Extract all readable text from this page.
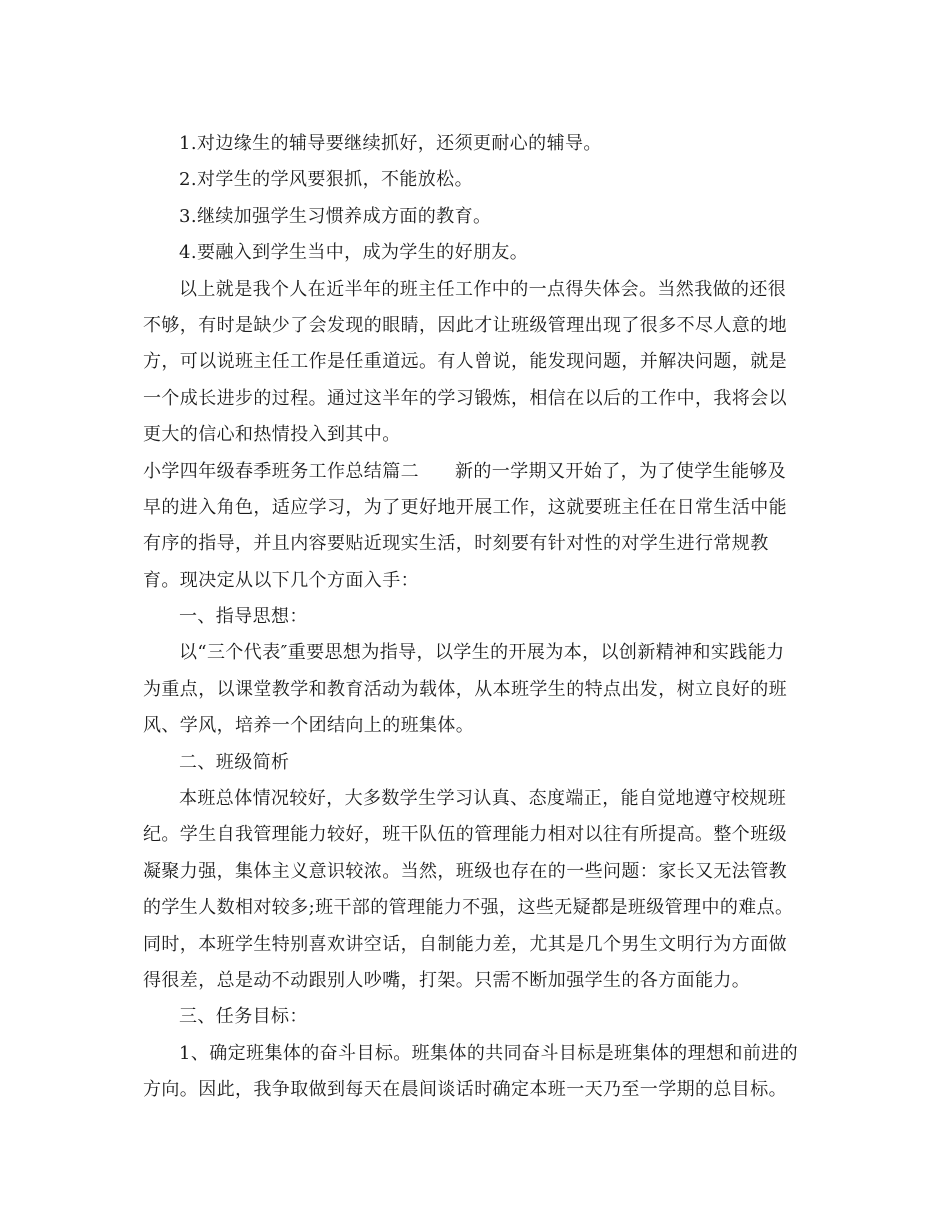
1.对边缘生的辅导要继续抓好，还须更耐心的辅导。
2.对学生的学风要狠抓，不能放松。
3.继续加强学生习惯养成方面的教育。
4.要融入到学生当中，成为学生的好朋友。
以上就是我个人在近半年的班主任工作中的一点得失体会。当然我做的还很
不够，有时是缺少了会发现的眼睛，因此才让班级管理出现了很多不尽人意的地
方，可以说班主任工作是任重道远。有人曾说，能发现问题，并解决问题，就是
一个成长进步的过程。通过这半年的学习锻炼，相信在以后的工作中，我将会以
更大的信心和热情投入到其中。
小学四年级春季班务工作总结篇二 新的一学期又开始了，为了使学生能够及
早的进入角色，适应学习，为了更好地开展工作，这就要班主任在日常生活中能
有序的指导，并且内容要贴近现实生活，时刻要有针对性的对学生进行常规教
育。现决定从以下几个方面入手：
一、指导思想：
以“三个代表″重要思想为指导，以学生的开展为本，以创新精神和实践能力
为重点，以课堂教学和教育活动为载体，从本班学生的特点出发，树立良好的班
风、学风，培养一个团结向上的班集体。
二、班级简析
本班总体情况较好，大多数学生学习认真、态度端正，能自觉地遵守校规班
纪。学生自我管理能力较好，班干队伍的管理能力相对以往有所提高。整个班级
凝聚力强，集体主义意识较浓。当然，班级也存在的一些问题：家长又无法管教
的学生人数相对较多;班干部的管理能力不强，这些无疑都是班级管理中的难点。
同时，本班学生特别喜欢讲空话，自制能力差，尤其是几个男生文明行为方面做
得很差，总是动不动跟别人吵嘴，打架。只需不断加强学生的各方面能力。
三、任务目标：
1、确定班集体的奋斗目标。班集体的共同奋斗目标是班集体的理想和前进的
方向。因此，我争取做到每天在晨间谈话时确定本班一天乃至一学期的总目标。
